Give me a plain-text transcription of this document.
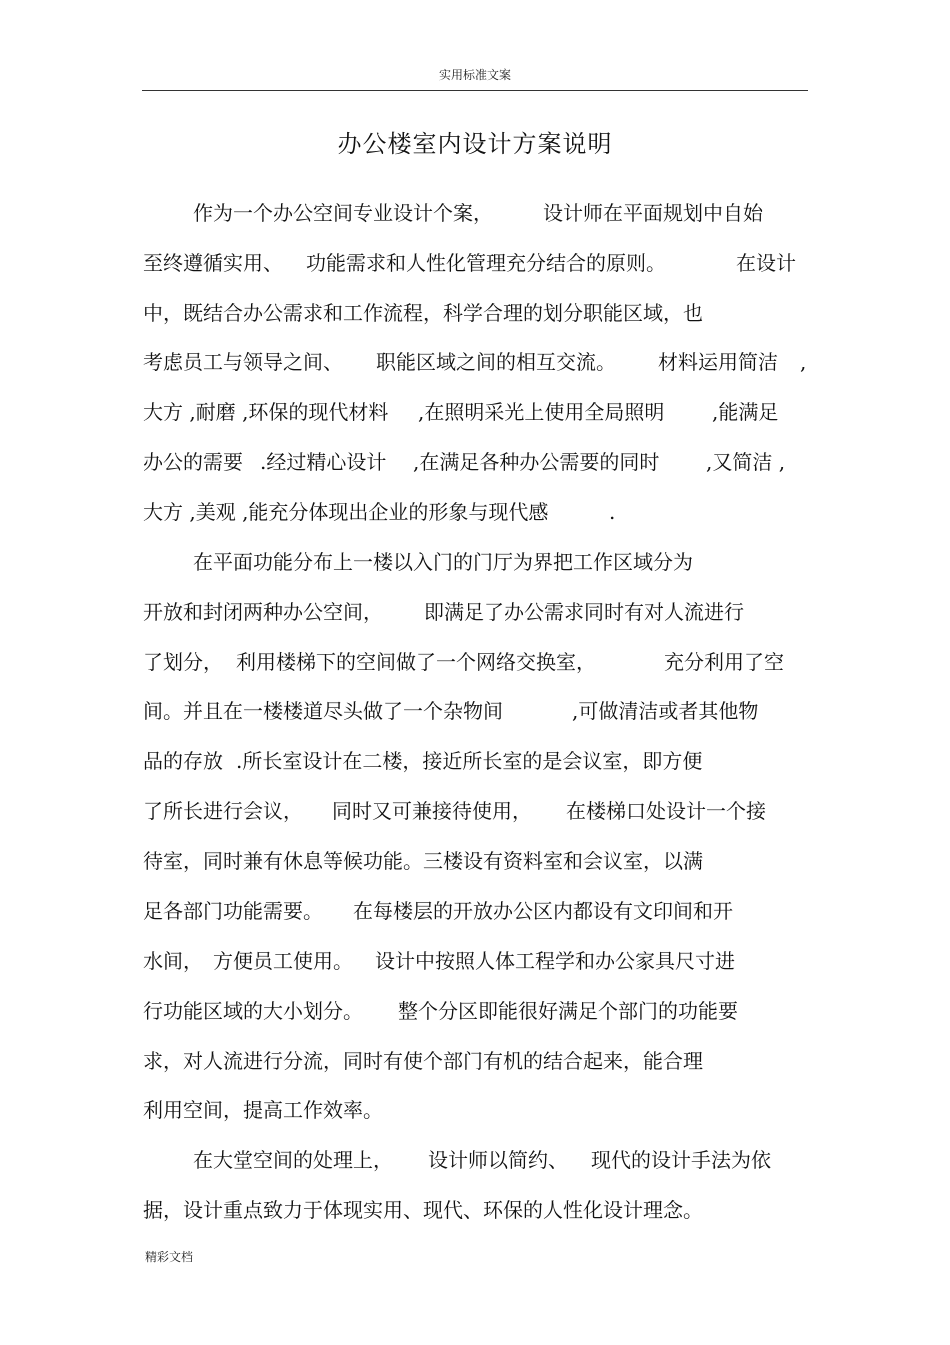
实用标准文案
办公楼室内设计方案说明

作为一个办公空间专业设计个案，

	设计师在平面规划中自始

至终遵循实用、

功能需求和人性化管理充分结合的原则。

	在设计

中，既结合办公需求和工作流程，科学合理的划分职能区域，也

考虑员工与领导之间、

职能区域之间的相互交流。

材料运用简洁

,

大方 ,耐磨 ,环保的现代材料

,在照明采光上使用全局照明

,能满足

办公的需要

.经过精心设计

,在满足各种办公需要的同时

,又简洁 ,

大方 ,美观 ,能充分体现出企业的形象与现代感

	.

在平面功能分布上一楼以入门的门厅为界把工作区域分为

开放和封闭两种办公空间，

即满足了办公需求同时有对人流进行

了划分，

利用楼梯下的空间做了一个网络交换室，

	充分利用了空

间。并且在一楼楼道尽头做了一个杂物间

	,可做清洁或者其他物

品的存放

.所长室设计在二楼，接近所长室的是会议室，即方便

了所长进行会议，

同时又可兼接待使用，

在楼梯口处设计一个接

待室，同时兼有休息等候功能。三楼设有资料室和会议室，以满

足各部门功能需要。

在每楼层的开放办公区内都设有文印间和开

水间，

方便员工使用。

设计中按照人体工程学和办公家具尺寸进

行功能区域的大小划分。

整个分区即能很好满足个部门的功能要

求，对人流进行分流，同时有使个部门有机的结合起来，能合理

利用空间，提高工作效率。

在大堂空间的处理上，

设计师以简约、

现代的设计手法为依

据，设计重点致力于体现实用、现代、环保的人性化设计理念。

精彩文档
